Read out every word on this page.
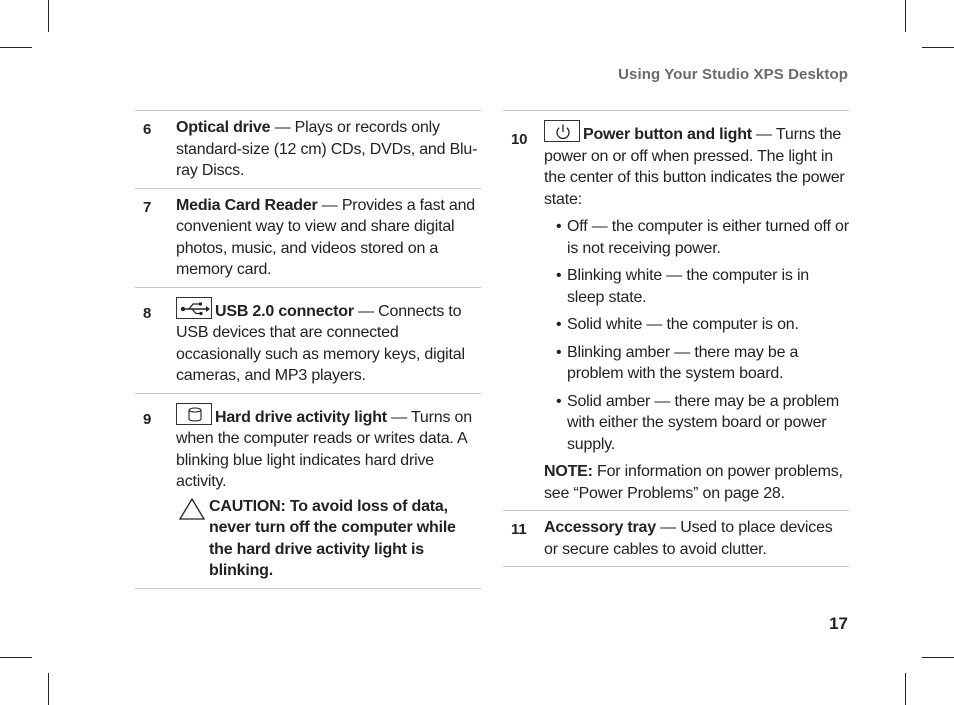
Using Your Studio XPS Desktop
6 Optical drive — Plays or records only standard-size (12 cm) CDs, DVDs, and Blu-ray Discs.
7 Media Card Reader — Provides a fast and convenient way to view and share digital photos, music, and videos stored on a memory card.
8	USB 2.0 connector — Connects to USB devices that are connected occasionally such as memory keys, digital cameras, and MP3 players.
9	Hard drive activity light — Turns on when the computer reads or writes data. A blinking blue light indicates hard drive activity.
CAUTION: To avoid loss of data, never turn off the computer while the hard drive activity light is blinking.
10	Power button and light — Turns the power on or off when pressed. The light in the center of this button indicates the power state:
• Off — the computer is either turned off or is not receiving power.
• Blinking white — the computer is in sleep state.
• Solid white — the computer is on.
• Blinking amber — there may be a problem with the system board.
• Solid amber — there may be a problem with either the system board or power supply.
NOTE: For information on power problems, see “Power Problems” on page 28.
11 Accessory tray — Used to place devices or secure cables to avoid clutter.
17
